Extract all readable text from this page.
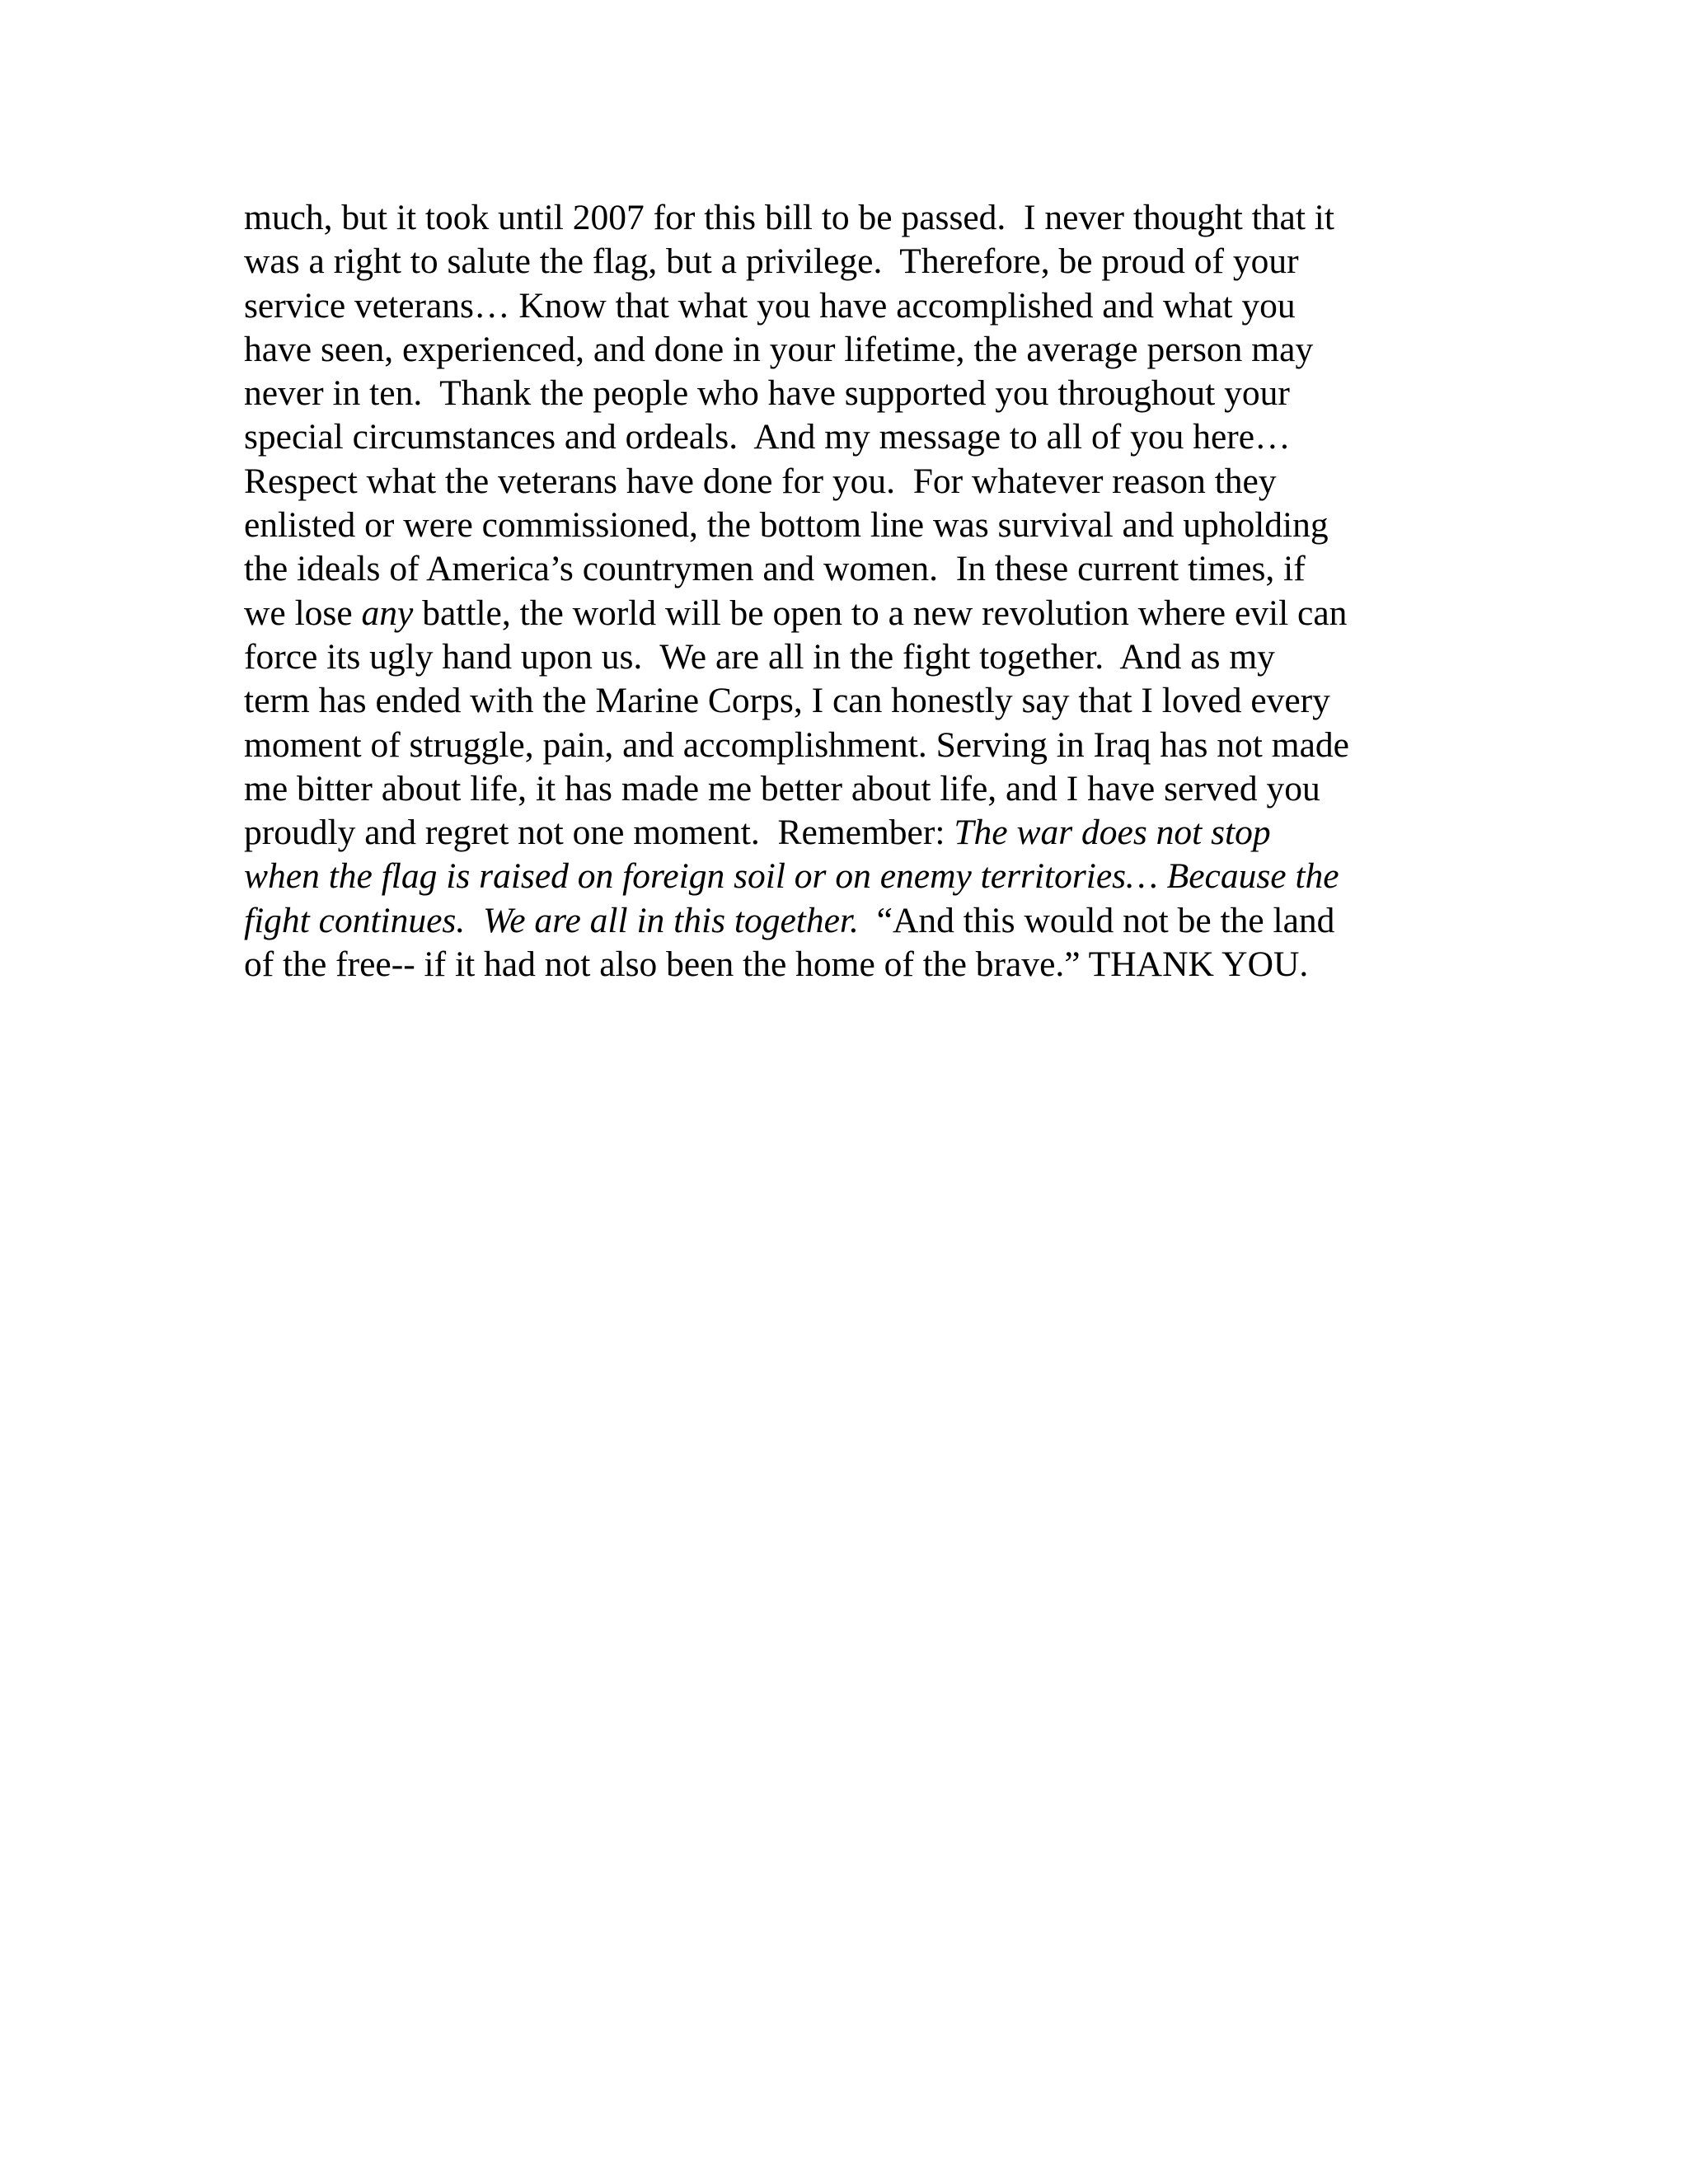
much, but it took until 2007 for this bill to be passed.  I never thought that it
was a right to salute the flag, but a privilege.  Therefore, be proud of your
service veterans… Know that what you have accomplished and what you
have seen, experienced, and done in your lifetime, the average person may
never in ten.  Thank the people who have supported you throughout your
special circumstances and ordeals.  And my message to all of you here…
Respect what the veterans have done for you.  For whatever reason they
enlisted or were commissioned, the bottom line was survival and upholding
the ideals of America’s countrymen and women.  In these current times, if
we lose any battle, the world will be open to a new revolution where evil can
force its ugly hand upon us.  We are all in the fight together.  And as my
term has ended with the Marine Corps, I can honestly say that I loved every
moment of struggle, pain, and accomplishment. Serving in Iraq has not made
me bitter about life, it has made me better about life, and I have served you
proudly and regret not one moment.  Remember: The war does not stop
when the flag is raised on foreign soil or on enemy territories… Because the
fight continues.  We are all in this together.  “And this would not be the land
of the free-- if it had not also been the home of the brave.” THANK YOU.
